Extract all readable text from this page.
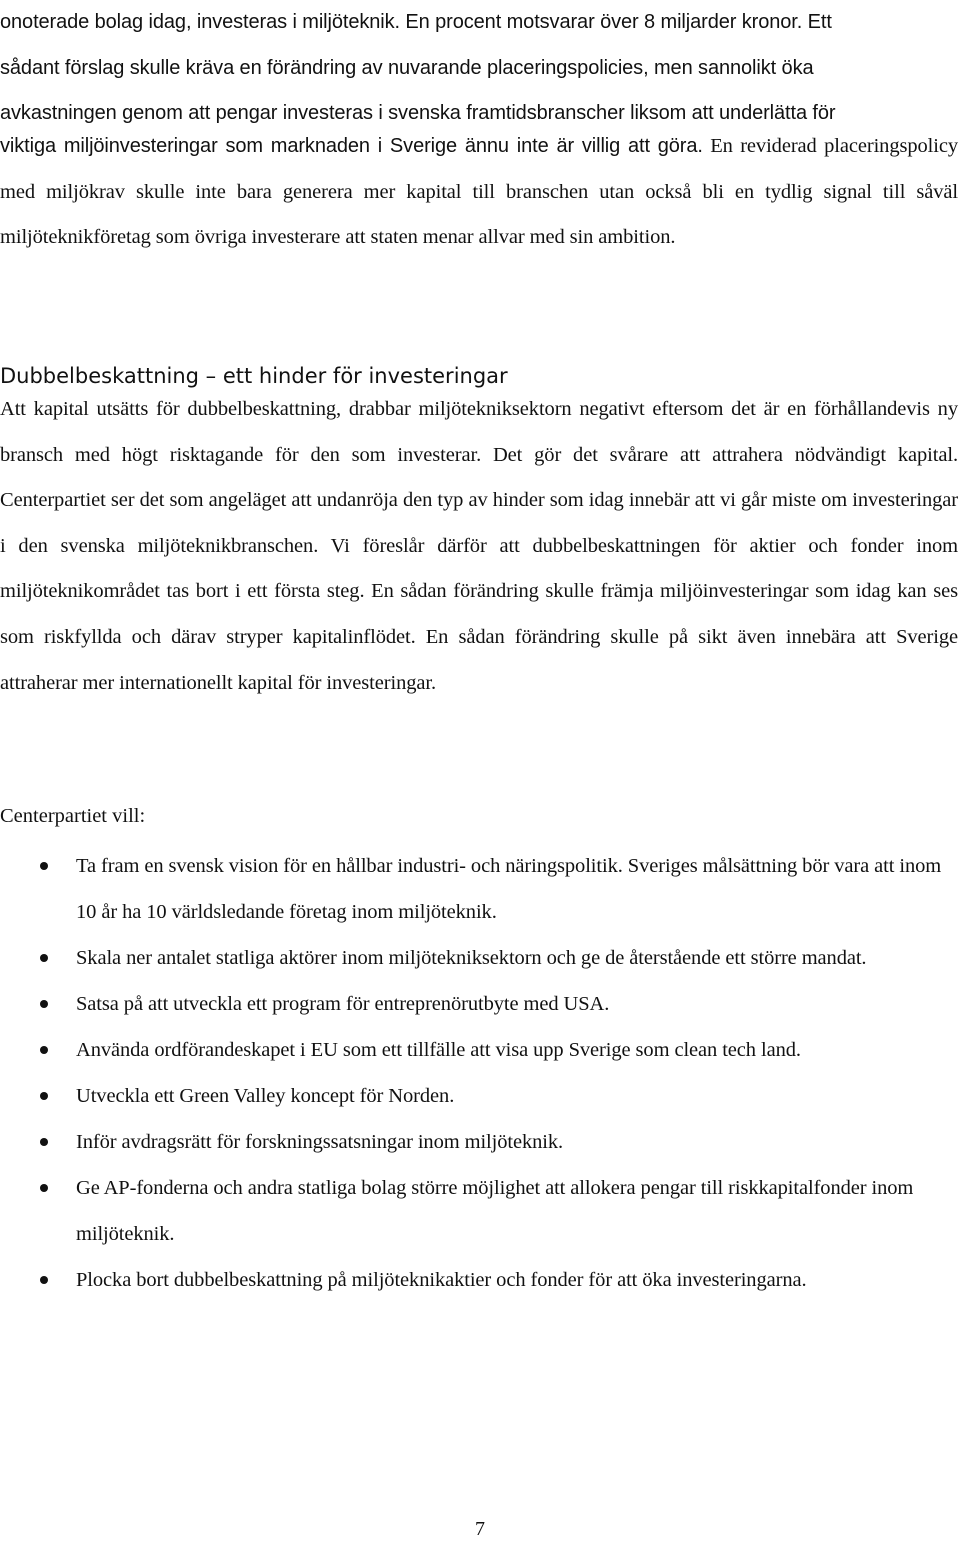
onoterade bolag idag, investeras i miljöteknik. En procent motsvarar över 8 miljarder kronor. Ett
sådant förslag skulle kräva en förändring av nuvarande placeringspolicies, men sannolikt öka
avkastningen genom att pengar investeras i svenska framtidsbranscher liksom att underlätta för

viktiga miljöinvesteringar som marknaden i Sverige ännu inte är villig att göra. En reviderad placeringspolicy med miljökrav skulle inte bara generera mer kapital till branschen utan också bli en tydlig signal till såväl miljöteknikföretag som övriga investerare att staten menar allvar med sin ambition.

Dubbelbeskattning – ett hinder för investeringar

Att kapital utsätts för dubbelbeskattning, drabbar miljötekniksektorn negativt eftersom det är en förhållandevis ny bransch med högt risktagande för den som investerar. Det gör det svårare att attrahera nödvändigt kapital. Centerpartiet ser det som angeläget att undanröja den typ av hinder som idag innebär att vi går miste om investeringar i den svenska miljöteknikbranschen. Vi föreslår därför att dubbelbeskattningen för aktier och fonder inom miljöteknikområdet tas bort i ett första steg. En sådan förändring skulle främja miljöinvesteringar som idag kan ses som riskfyllda och därav stryper kapitalinflödet. En sådan förändring skulle på sikt även innebära att Sverige attraherar mer internationellt kapital för investeringar.

Centerpartiet vill:

Ta fram en svensk vision för en hållbar industri- och näringspolitik. Sveriges målsättning bör vara att inom 10 år ha 10 världsledande företag inom miljöteknik.
Skala ner antalet statliga aktörer inom miljötekniksektorn och ge de återstående ett större mandat.
Satsa på att utveckla ett program för entreprenörutbyte med USA.
Använda ordförandeskapet i EU som ett tillfälle att visa upp Sverige som clean tech land.
Utveckla ett Green Valley koncept för Norden.
Inför avdragsrätt för forskningssatsningar inom miljöteknik.
Ge AP-fonderna och andra statliga bolag större möjlighet att allokera pengar till riskkapitalfonder inom miljöteknik.
Plocka bort dubbelbeskattning på miljöteknikaktier och fonder för att öka investeringarna.

7
